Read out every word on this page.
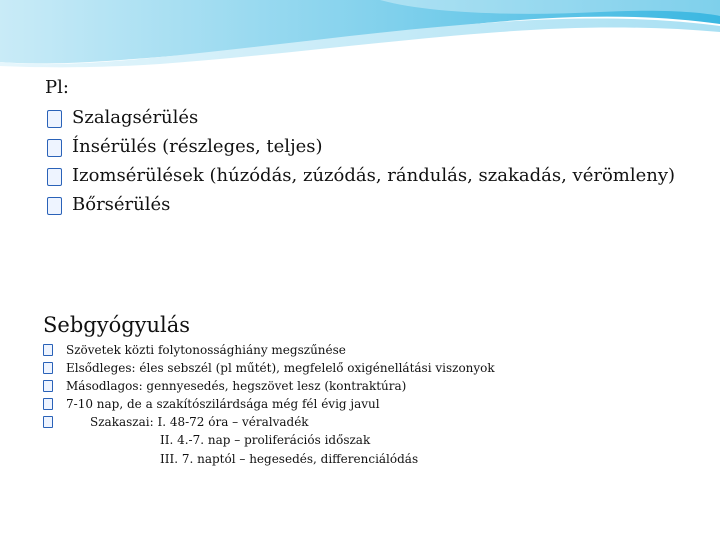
Pl:
Szalagsérülés
Ínsérülés (részleges, teljes)
Izomsérülések (húzódás, zúzódás, rándulás, szakadás, vérömleny)
Bőrsérülés
Sebgyógyulás
Szövetek közti folytonossághiány megszűnése
Elsődleges: éles sebszél (pl műtét), megfelelő oxigénellátási viszonyok
Másodlagos: gennyesedés, hegszövet lesz (kontraktúra)
7-10 nap, de a szakítószilárdsága még fél évig javul
Szakaszai: I. 48-72 óra – véralvadék
II. 4.-7. nap – proliferációs időszak
III. 7. naptól – hegesedés, differenciálódás
